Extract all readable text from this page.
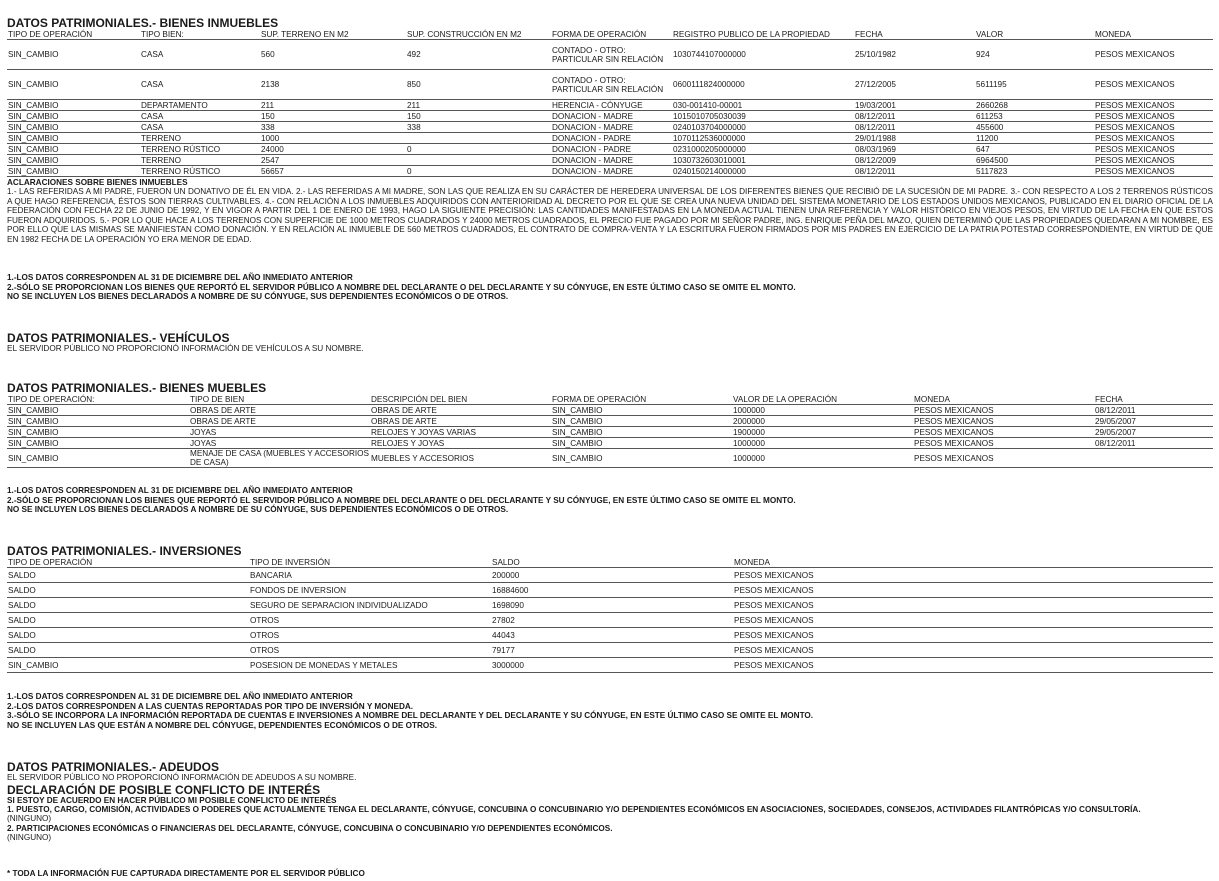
DATOS PATRIMONIALES.- BIENES INMUEBLES
TIPO DE OPERACIÓN	TIPO BIEN:	SUP. TERRENO EN M2	SUP. CONSTRUCCIÓN EN M2	FORMA DE OPERACIÓN	REGISTRO PUBLICO DE LA PROPIEDAD	FECHA	VALOR	MONEDA
SIN_CAMBIO	CASA	560	492	CONTADO - OTRO: PARTICULAR SIN RELACIÓN	1030744107000000	25/10/1982	924	PESOS MEXICANOS
SIN_CAMBIO	CASA	2138	850	CONTADO - OTRO: PARTICULAR SIN RELACIÓN	0600111824000000	27/12/2005	5611195	PESOS MEXICANOS
SIN_CAMBIO	DEPARTAMENTO	211	211	HERENCIA - CÓNYUGE	030-001410-00001	19/03/2001	2660268	PESOS MEXICANOS
SIN_CAMBIO	CASA	150	150	DONACION - MADRE	1015010705030039	08/12/2011	611253	PESOS MEXICANOS
SIN_CAMBIO	CASA	338	338	DONACION - MADRE	0240103704000000	08/12/2011	455600	PESOS MEXICANOS
SIN_CAMBIO	TERRENO	1000		DONACION - PADRE	1070112536000000	29/01/1988	11200	PESOS MEXICANOS
SIN_CAMBIO	TERRENO RÚSTICO	24000	0	DONACION - PADRE	0231000205000000	08/03/1969	647	PESOS MEXICANOS
SIN_CAMBIO	TERRENO	2547		DONACION - MADRE	1030732603010001	08/12/2009	6964500	PESOS MEXICANOS
SIN_CAMBIO	TERRENO RÚSTICO	56657	0	DONACION - MADRE	0240150214000000	08/12/2011	5117823	PESOS MEXICANOS
ACLARACIONES SOBRE BIENES INMUEBLES
1.- LAS REFERIDAS A MI PADRE, FUERON UN DONATIVO DE ÉL EN VIDA. 2.- LAS REFERIDAS A MI MADRE, SON LAS QUE REALIZA EN SU CARÁCTER DE HEREDERA UNIVERSAL DE LOS DIFERENTES BIENES QUE RECIBIÓ DE LA SUCESIÓN DE MI PADRE. 3.- CON RESPECTO A LOS 2 TERRENOS RÚSTICOS A QUE HAGO REFERENCIA, ÉSTOS SON TIERRAS CULTIVABLES. 4.- CON RELACIÓN A LOS INMUEBLES ADQUIRIDOS CON ANTERIORIDAD AL DECRETO POR EL QUE SE CREA UNA NUEVA UNIDAD DEL SISTEMA MONETARIO DE LOS ESTADOS UNIDOS MEXICANOS, PUBLICADO EN EL DIARIO OFICIAL DE LA FEDERACIÓN CON FECHA 22 DE JUNIO DE 1992, Y EN VIGOR A PARTIR DEL 1 DE ENERO DE 1993, HAGO LA SIGUIENTE PRECISIÓN: LAS CANTIDADES MANIFESTADAS EN LA MONEDA ACTUAL TIENEN UNA REFERENCIA Y VALOR HISTÓRICO EN VIEJOS PESOS, EN VIRTUD DE LA FECHA EN QUE ESTOS FUERON ADQUIRIDOS. 5.- POR LO QUE HACE A LOS TERRENOS CON SUPERFICIE DE 1000 METROS CUADRADOS Y 24000 METROS CUADRADOS, EL PRECIO FUE PAGADO POR MI SEÑOR PADRE, ING. ENRIQUE PEÑA DEL MAZO, QUIEN DETERMINÓ QUE LAS PROPIEDADES QUEDARAN A MI NOMBRE, ES POR ELLO QUE LAS MISMAS SE MANIFIESTAN COMO DONACIÓN. Y EN RELACIÓN AL INMUEBLE DE 560 METROS CUADRADOS, EL CONTRATO DE COMPRA-VENTA Y LA ESCRITURA FUERON FIRMADOS POR MIS PADRES EN EJERCICIO DE LA PATRIA POTESTAD CORRESPONDIENTE, EN VIRTUD DE QUE EN 1982 FECHA DE LA OPERACIÓN YO ERA MENOR DE EDAD.
1.-LOS DATOS CORRESPONDEN AL 31 DE DICIEMBRE DEL AÑO INMEDIATO ANTERIOR
2.-SÓLO SE PROPORCIONAN LOS BIENES QUE REPORTÓ EL SERVIDOR PÚBLICO A NOMBRE DEL DECLARANTE O DEL DECLARANTE Y SU CÓNYUGE, EN ESTE ÚLTIMO CASO SE OMITE EL MONTO.
NO SE INCLUYEN LOS BIENES DECLARADOS A NOMBRE DE SU CÓNYUGE, SUS DEPENDIENTES ECONÓMICOS O DE OTROS.
DATOS PATRIMONIALES.- VEHÍCULOS
EL SERVIDOR PÚBLICO NO PROPORCIONÓ INFORMACIÓN DE VEHÍCULOS A SU NOMBRE.
DATOS PATRIMONIALES.- BIENES MUEBLES
TIPO DE OPERACIÓN:	TIPO DE BIEN	DESCRIPCIÓN DEL BIEN	FORMA DE OPERACIÓN	VALOR DE LA OPERACIÓN	MONEDA	FECHA
SIN_CAMBIO	OBRAS DE ARTE	OBRAS DE ARTE	SIN_CAMBIO	1000000	PESOS MEXICANOS	08/12/2011
SIN_CAMBIO	OBRAS DE ARTE	OBRAS DE ARTE	SIN_CAMBIO	2000000	PESOS MEXICANOS	29/05/2007
SIN_CAMBIO	JOYAS	RELOJES Y JOYAS VARIAS	SIN_CAMBIO	1900000	PESOS MEXICANOS	29/05/2007
SIN_CAMBIO	JOYAS	RELOJES Y JOYAS	SIN_CAMBIO	1000000	PESOS MEXICANOS	08/12/2011
SIN_CAMBIO	MENAJE DE CASA (MUEBLES Y ACCESORIOS DE CASA)	MUEBLES Y ACCESORIOS	SIN_CAMBIO	1000000	PESOS MEXICANOS	
1.-LOS DATOS CORRESPONDEN AL 31 DE DICIEMBRE DEL AÑO INMEDIATO ANTERIOR
2.-SÓLO SE PROPORCIONAN LOS BIENES QUE REPORTÓ EL SERVIDOR PÚBLICO A NOMBRE DEL DECLARANTE O DEL DECLARANTE Y SU CÓNYUGE, EN ESTE ÚLTIMO CASO SE OMITE EL MONTO.
NO SE INCLUYEN LOS BIENES DECLARADOS A NOMBRE DE SU CÓNYUGE, SUS DEPENDIENTES ECONÓMICOS O DE OTROS.
DATOS PATRIMONIALES.- INVERSIONES
TIPO DE OPERACIÓN	TIPO DE INVERSIÓN	SALDO	MONEDA
SALDO	BANCARIA	200000	PESOS MEXICANOS
SALDO	FONDOS DE INVERSION	16884600	PESOS MEXICANOS
SALDO	SEGURO DE SEPARACION INDIVIDUALIZADO	1698090	PESOS MEXICANOS
SALDO	OTROS	27802	PESOS MEXICANOS
SALDO	OTROS	44043	PESOS MEXICANOS
SALDO	OTROS	79177	PESOS MEXICANOS
SIN_CAMBIO	POSESION DE MONEDAS Y METALES	3000000	PESOS MEXICANOS
1.-LOS DATOS CORRESPONDEN AL 31 DE DICIEMBRE DEL AÑO INMEDIATO ANTERIOR
2.-LOS DATOS CORRESPONDEN A LAS CUENTAS REPORTADAS POR TIPO DE INVERSIÓN Y MONEDA.
3.-SÓLO SE INCORPORA LA INFORMACIÓN REPORTADA DE CUENTAS E INVERSIONES A NOMBRE DEL DECLARANTE Y DEL DECLARANTE Y SU CÓNYUGE, EN ESTE ÚLTIMO CASO SE OMITE EL MONTO.
NO SE INCLUYEN LAS QUE ESTÁN A NOMBRE DEL CÓNYUGE, DEPENDIENTES ECONÓMICOS O DE OTROS.
DATOS PATRIMONIALES.- ADEUDOS
EL SERVIDOR PÚBLICO NO PROPORCIONÓ INFORMACIÓN DE ADEUDOS A SU NOMBRE.
DECLARACIÓN DE POSIBLE CONFLICTO DE INTERÉS
SI ESTOY DE ACUERDO EN HACER PÚBLICO MI POSIBLE CONFLICTO DE INTERÉS
1. PUESTO, CARGO, COMISIÓN, ACTIVIDADES O PODERES QUE ACTUALMENTE TENGA EL DECLARANTE, CÓNYUGE, CONCUBINA O CONCUBINARIO Y/O DEPENDIENTES ECONÓMICOS EN ASOCIACIONES, SOCIEDADES, CONSEJOS, ACTIVIDADES FILANTRÓPICAS Y/O CONSULTORÍA.
(NINGUNO)
2. PARTICIPACIONES ECONÓMICAS O FINANCIERAS DEL DECLARANTE, CÓNYUGE, CONCUBINA O CONCUBINARIO Y/O DEPENDIENTES ECONÓMICOS.
(NINGUNO)
* TODA LA INFORMACIÓN FUE CAPTURADA DIRECTAMENTE POR EL SERVIDOR PÚBLICO
